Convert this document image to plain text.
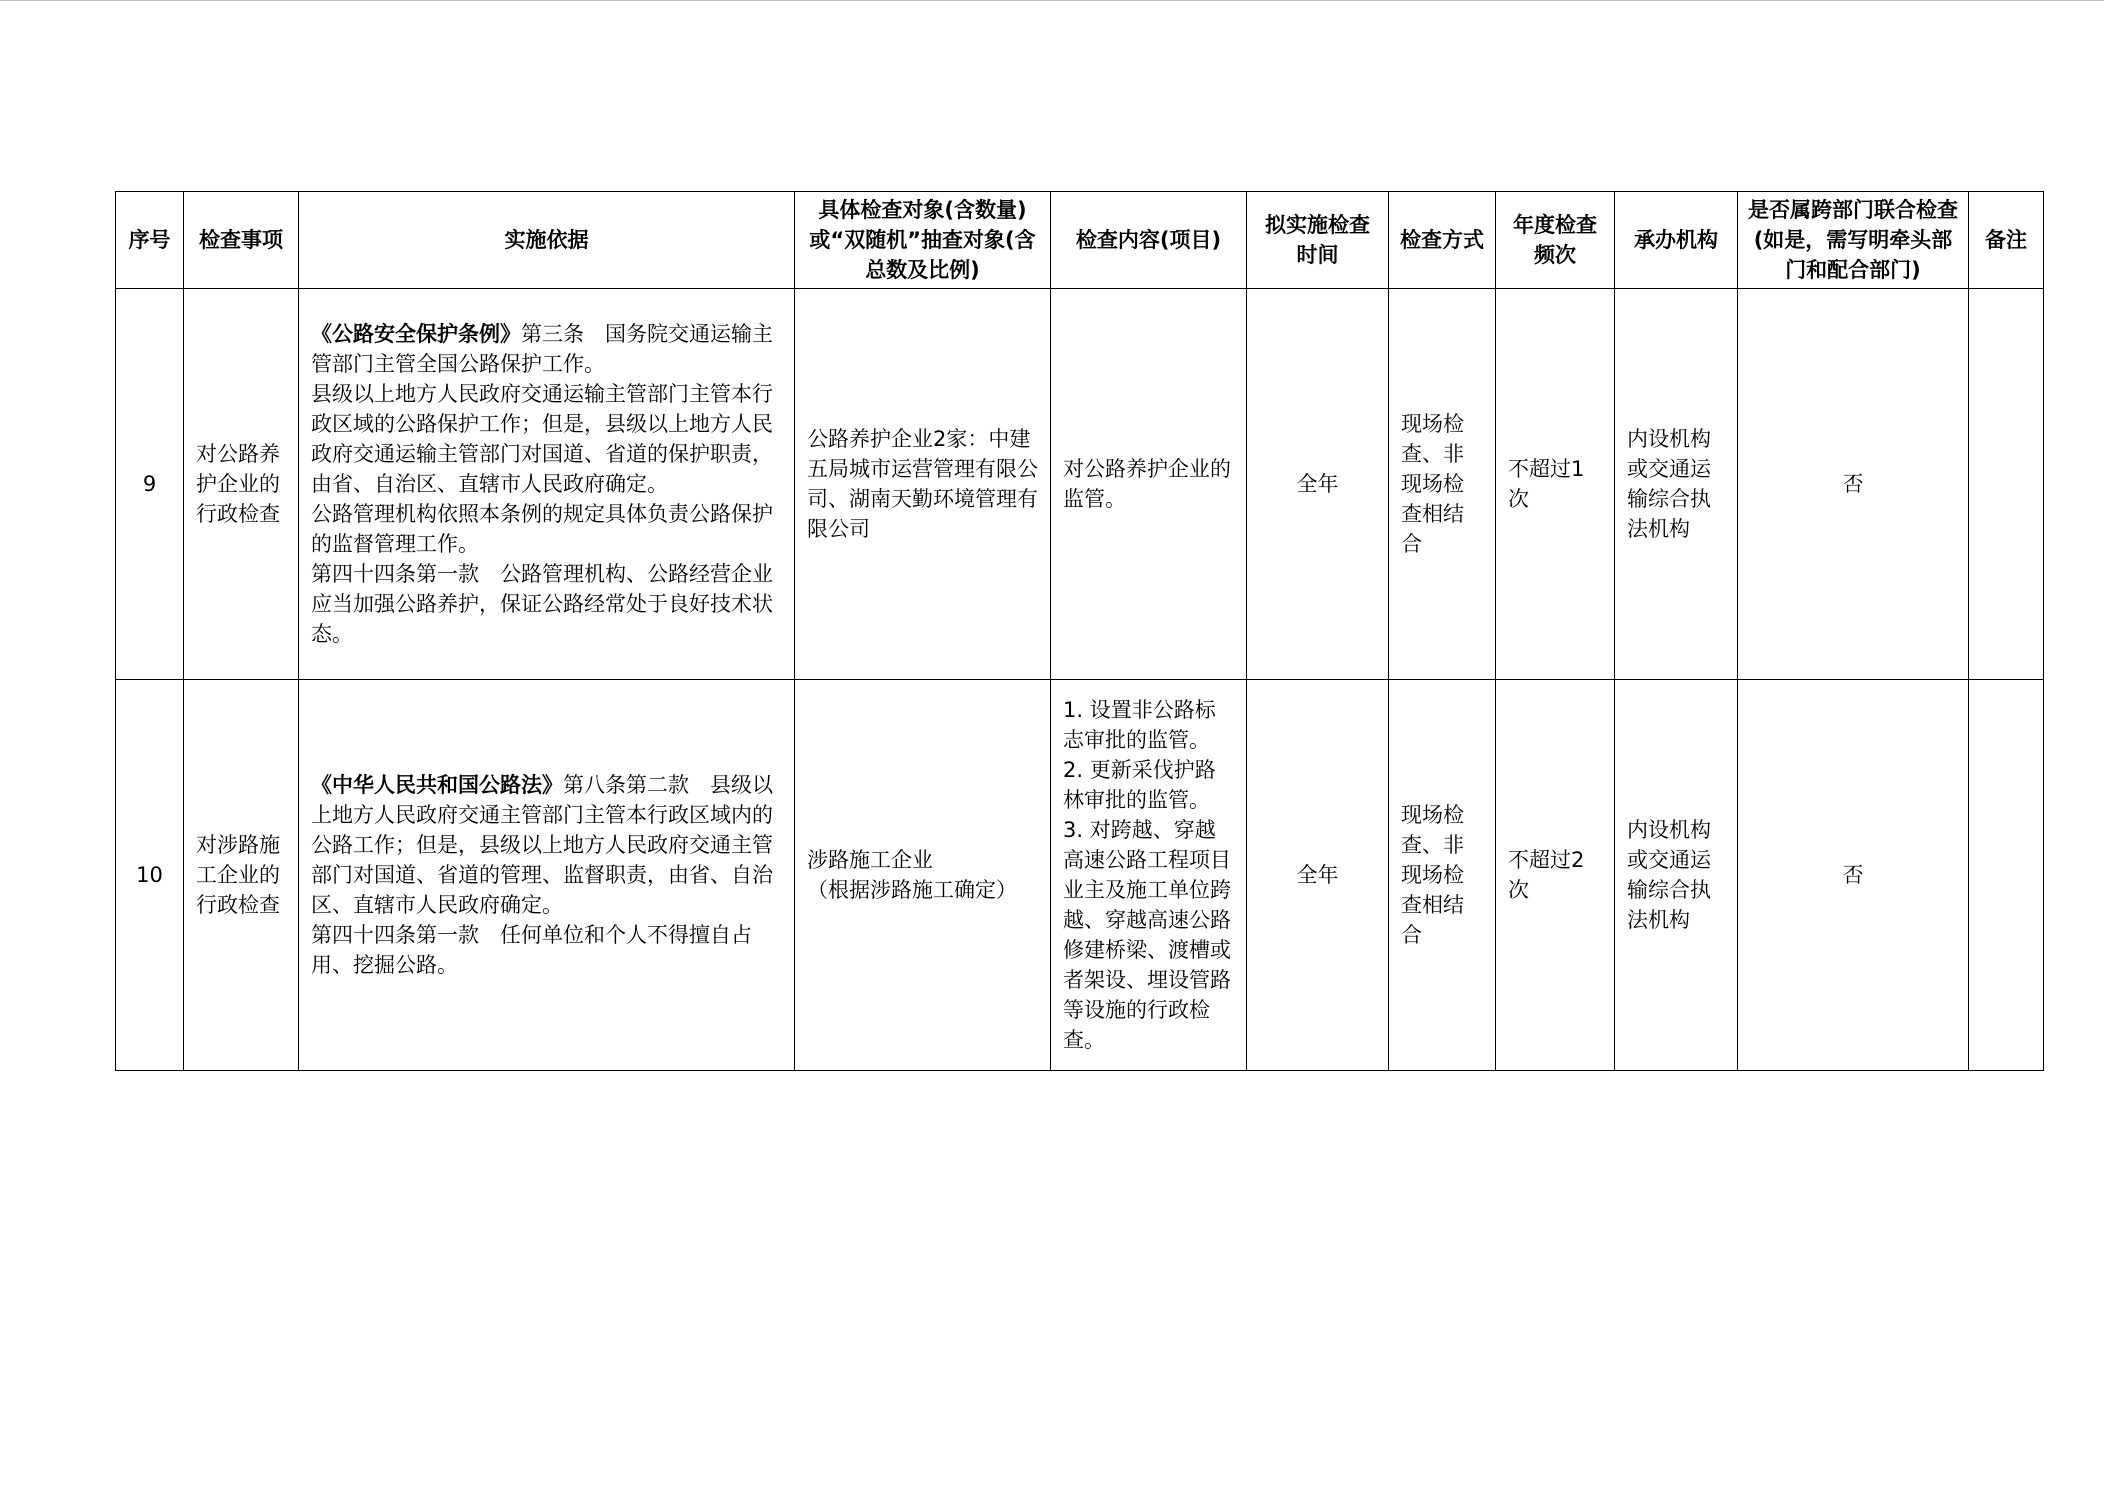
序号	检查事项	实施依据	具体检查对象(含数量)或“双随机”抽查对象(含总数及比例)	检查内容(项目)	拟实施检查时间	检查方式	年度检查频次	承办机构	是否属跨部门联合检查(如是，需写明牵头部门和配合部门)	备注
9	对公路养护企业的行政检查	《公路安全保护条例》第三条　国务院交通运输主管部门主管全国公路保护工作。
县级以上地方人民政府交通运输主管部门主管本行政区域的公路保护工作；但是，县级以上地方人民政府交通运输主管部门对国道、省道的保护职责，由省、自治区、直辖市人民政府确定。
公路管理机构依照本条例的规定具体负责公路保护的监督管理工作。
第四十四条第一款　公路管理机构、公路经营企业应当加强公路养护，保证公路经常处于良好技术状态。	公路养护企业2家：中建五局城市运营管理有限公司、湖南天勤环境管理有限公司	对公路养护企业的监管。	全年	现场检查、非现场检查相结合	不超过1次	内设机构或交通运输综合执法机构	否	
10	对涉路施工企业的行政检查	《中华人民共和国公路法》第八条第二款　县级以上地方人民政府交通主管部门主管本行政区域内的公路工作；但是，县级以上地方人民政府交通主管部门对国道、省道的管理、监督职责，由省、自治区、直辖市人民政府确定。
第四十四条第一款　任何单位和个人不得擅自占用、挖掘公路。	涉路施工企业
（根据涉路施工确定）	1. 设置非公路标志审批的监管。
2. 更新采伐护路林审批的监管。
3. 对跨越、穿越高速公路工程项目业主及施工单位跨越、穿越高速公路修建桥梁、渡槽或者架设、埋设管路等设施的行政检查。	全年	现场检查、非现场检查相结合	不超过2次	内设机构或交通运输综合执法机构	否	
